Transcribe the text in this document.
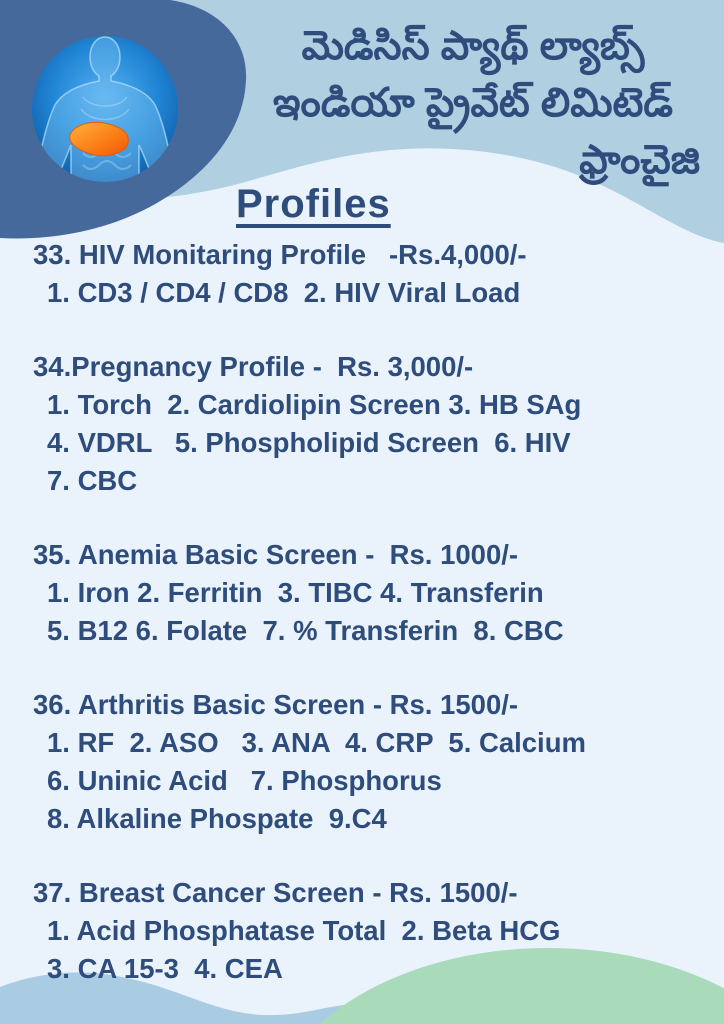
మెడిసిస్ ప్యాథ్ ల్యాబ్స్
ఇండియా ప్రైవేట్ లిమిటెడ్
ఫ్రాంచైజి
Profiles
33. HIV Monitaring Profile   -Rs.4,000/-
1. CD3 / CD4 / CD8  2. HIV Viral Load
34.Pregnancy Profile -  Rs. 3,000/-
1. Torch  2. Cardiolipin Screen 3. HB SAg
4. VDRL   5. Phospholipid Screen  6. HIV
7. CBC
35. Anemia Basic Screen -  Rs. 1000/-
1. Iron 2. Ferritin  3. TIBC 4. Transferin
5. B12 6. Folate  7. % Transferin  8. CBC
36. Arthritis Basic Screen - Rs. 1500/-
1. RF  2. ASO   3. ANA  4. CRP  5. Calcium
6. Uninic Acid   7. Phosphorus
8. Alkaline Phospate  9.C4
37. Breast Cancer Screen - Rs. 1500/-
1. Acid Phosphatase Total  2. Beta HCG
3. CA 15-3  4. CEA
